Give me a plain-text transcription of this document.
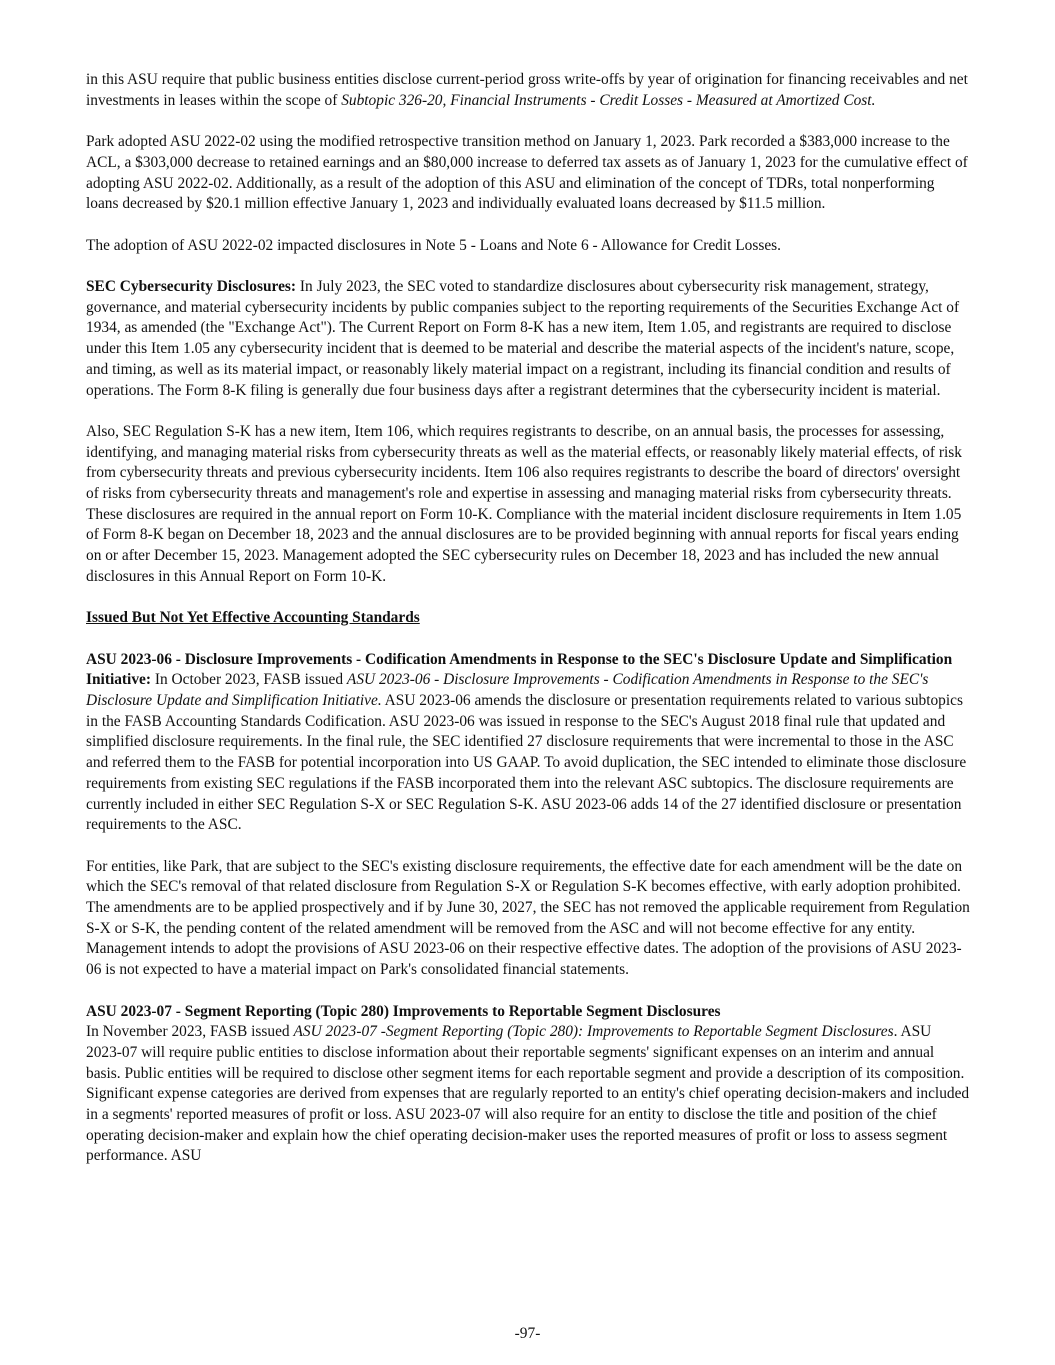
in this ASU require that public business entities disclose current-period gross write-offs by year of origination for financing receivables and net investments in leases within the scope of Subtopic 326-20, Financial Instruments - Credit Losses - Measured at Amortized Cost.

Park adopted ASU 2022-02 using the modified retrospective transition method on January 1, 2023. Park recorded a $383,000 increase to the ACL, a $303,000 decrease to retained earnings and an $80,000 increase to deferred tax assets as of January 1, 2023 for the cumulative effect of adopting ASU 2022-02. Additionally, as a result of the adoption of this ASU and elimination of the concept of TDRs, total nonperforming loans decreased by $20.1 million effective January 1, 2023 and individually evaluated loans decreased by $11.5 million.

The adoption of ASU 2022-02 impacted disclosures in Note 5 - Loans and Note 6 - Allowance for Credit Losses.

SEC Cybersecurity Disclosures: In July 2023, the SEC voted to standardize disclosures about cybersecurity risk management, strategy, governance, and material cybersecurity incidents by public companies subject to the reporting requirements of the Securities Exchange Act of 1934, as amended (the "Exchange Act"). The Current Report on Form 8-K has a new item, Item 1.05, and registrants are required to disclose under this Item 1.05 any cybersecurity incident that is deemed to be material and describe the material aspects of the incident's nature, scope, and timing, as well as its material impact, or reasonably likely material impact on a registrant, including its financial condition and results of operations. The Form 8-K filing is generally due four business days after a registrant determines that the cybersecurity incident is material.

Also, SEC Regulation S-K has a new item, Item 106, which requires registrants to describe, on an annual basis, the processes for assessing, identifying, and managing material risks from cybersecurity threats as well as the material effects, or reasonably likely material effects, of risk from cybersecurity threats and previous cybersecurity incidents. Item 106 also requires registrants to describe the board of directors' oversight of risks from cybersecurity threats and management's role and expertise in assessing and managing material risks from cybersecurity threats. These disclosures are required in the annual report on Form 10-K. Compliance with the material incident disclosure requirements in Item 1.05 of Form 8-K began on December 18, 2023 and the annual disclosures are to be provided beginning with annual reports for fiscal years ending on or after December 15, 2023. Management adopted the SEC cybersecurity rules on December 18, 2023 and has included the new annual disclosures in this Annual Report on Form 10-K.

Issued But Not Yet Effective Accounting Standards

ASU 2023-06 - Disclosure Improvements - Codification Amendments in Response to the SEC's Disclosure Update and Simplification Initiative: In October 2023, FASB issued ASU 2023-06 - Disclosure Improvements - Codification Amendments in Response to the SEC's Disclosure Update and Simplification Initiative. ASU 2023-06 amends the disclosure or presentation requirements related to various subtopics in the FASB Accounting Standards Codification. ASU 2023-06 was issued in response to the SEC's August 2018 final rule that updated and simplified disclosure requirements. In the final rule, the SEC identified 27 disclosure requirements that were incremental to those in the ASC and referred them to the FASB for potential incorporation into US GAAP. To avoid duplication, the SEC intended to eliminate those disclosure requirements from existing SEC regulations if the FASB incorporated them into the relevant ASC subtopics. The disclosure requirements are currently included in either SEC Regulation S-X or SEC Regulation S-K. ASU 2023-06 adds 14 of the 27 identified disclosure or presentation requirements to the ASC.

For entities, like Park, that are subject to the SEC's existing disclosure requirements, the effective date for each amendment will be the date on which the SEC's removal of that related disclosure from Regulation S-X or Regulation S-K becomes effective, with early adoption prohibited. The amendments are to be applied prospectively and if by June 30, 2027, the SEC has not removed the applicable requirement from Regulation S-X or S-K, the pending content of the related amendment will be removed from the ASC and will not become effective for any entity. Management intends to adopt the provisions of ASU 2023-06 on their respective effective dates. The adoption of the provisions of ASU 2023-06 is not expected to have a material impact on Park's consolidated financial statements.

ASU 2023-07 - Segment Reporting (Topic 280) Improvements to Reportable Segment Disclosures

In November 2023, FASB issued ASU 2023-07 -Segment Reporting (Topic 280): Improvements to Reportable Segment Disclosures. ASU 2023-07 will require public entities to disclose information about their reportable segments' significant expenses on an interim and annual basis. Public entities will be required to disclose other segment items for each reportable segment and provide a description of its composition. Significant expense categories are derived from expenses that are regularly reported to an entity's chief operating decision-makers and included in a segments' reported measures of profit or loss. ASU 2023-07 will also require for an entity to disclose the title and position of the chief operating decision-maker and explain how the chief operating decision-maker uses the reported measures of profit or loss to assess segment performance. ASU

-97-
